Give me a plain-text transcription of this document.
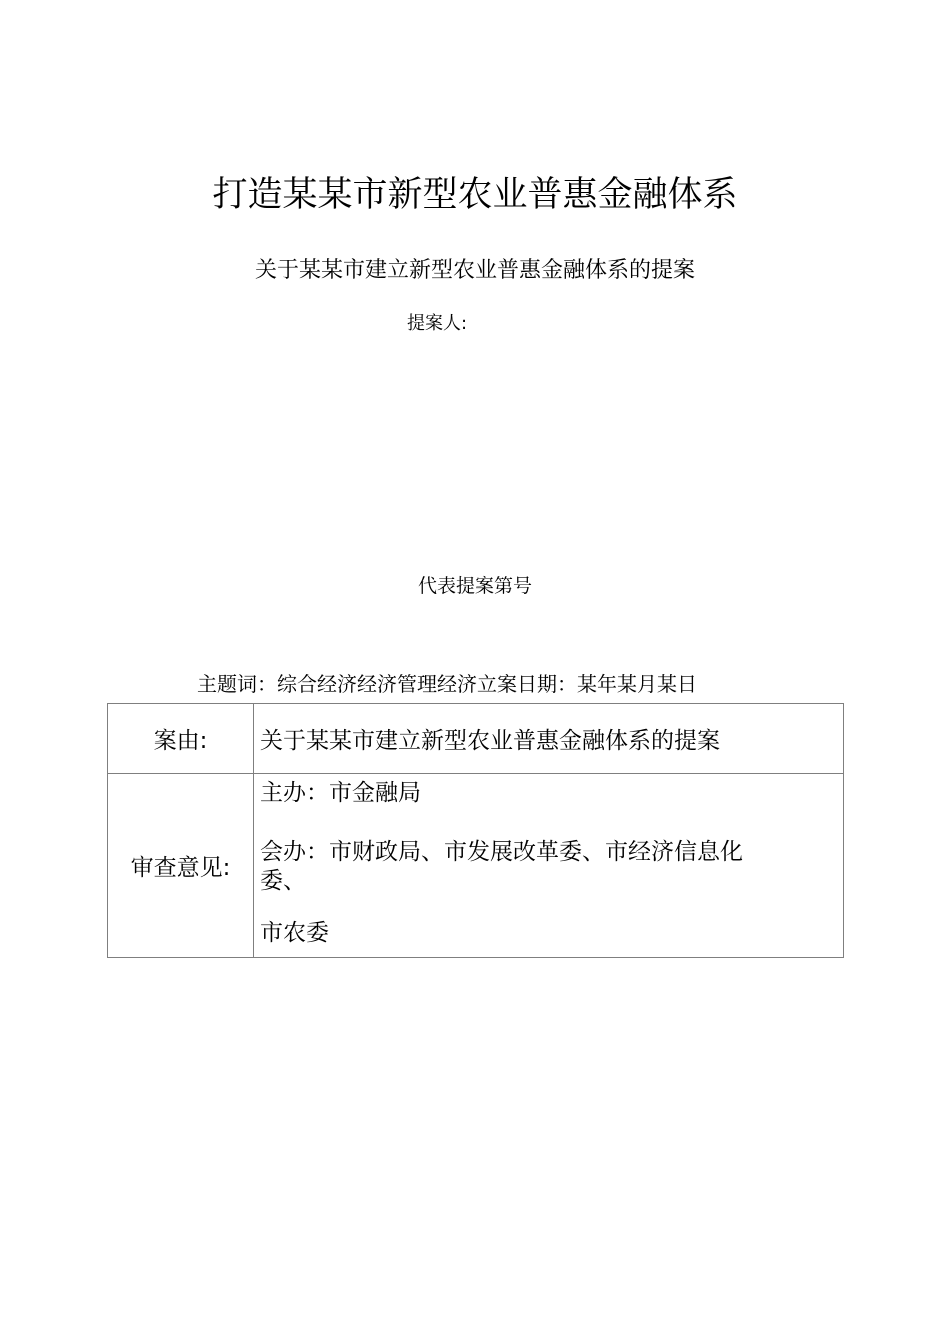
打造某某市新型农业普惠金融体系
关于某某市建立新型农业普惠金融体系的提案
提案人:
代表提案第号
主题词：综合经济经济管理经济立案日期：某年某月某日
案由:	关于某某市建立新型农业普惠金融体系的提案
审查意见:	主办：市金融局
会办：市财政局、市发展改革委、市经济信息化
委、
市农委
